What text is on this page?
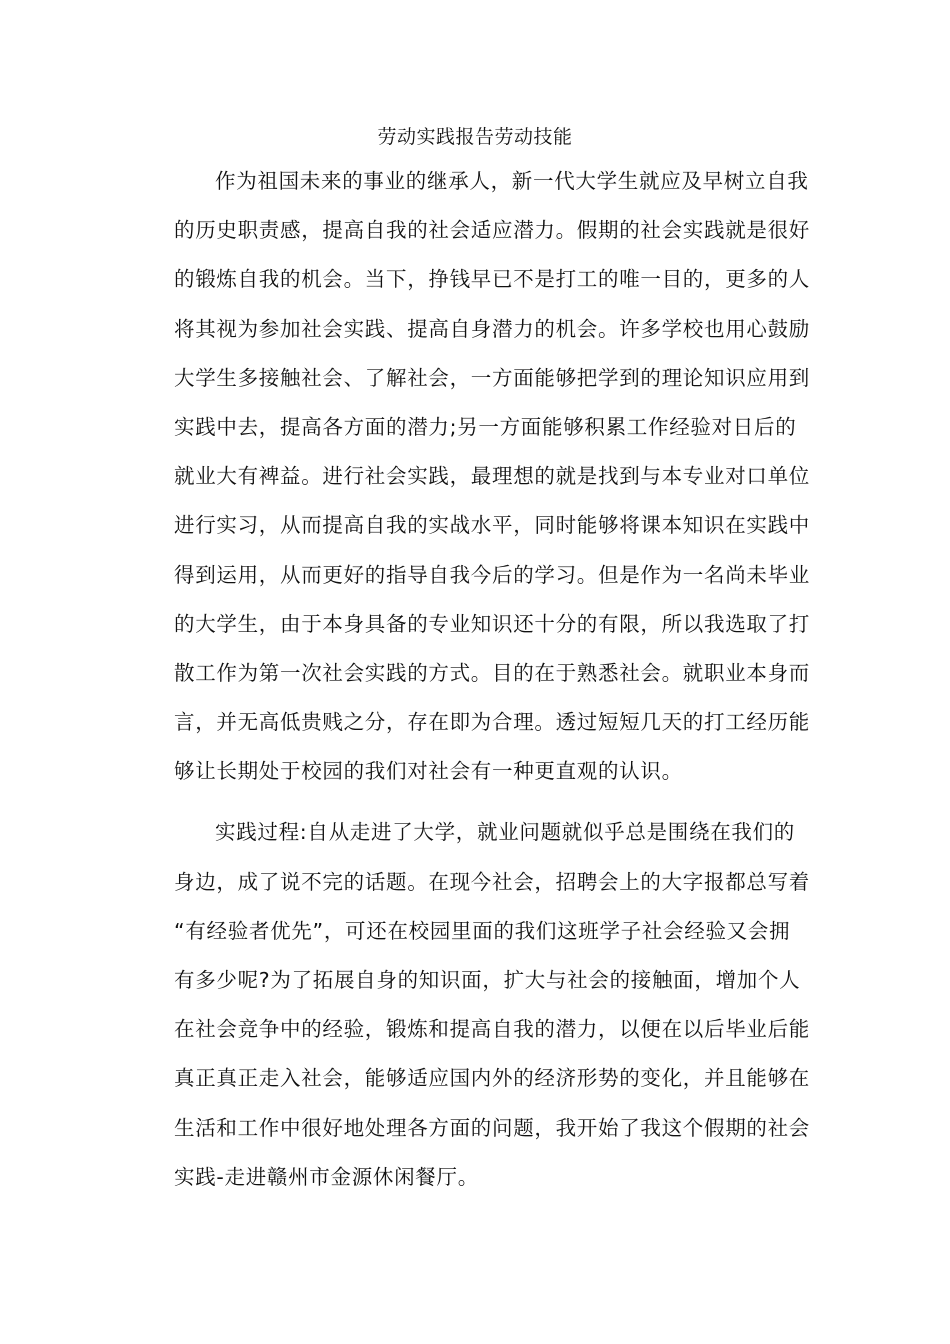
劳动实践报告劳动技能
作为祖国未来的事业的继承人，新一代大学生就应及早树立自我
的历史职责感，提高自我的社会适应潜力。假期的社会实践就是很好
的锻炼自我的机会。当下，挣钱早已不是打工的唯一目的，更多的人
将其视为参加社会实践、提高自身潜力的机会。许多学校也用心鼓励
大学生多接触社会、了解社会，一方面能够把学到的理论知识应用到
实践中去，提高各方面的潜力;另一方面能够积累工作经验对日后的
就业大有裨益。进行社会实践，最理想的就是找到与本专业对口单位
进行实习，从而提高自我的实战水平，同时能够将课本知识在实践中
得到运用，从而更好的指导自我今后的学习。但是作为一名尚未毕业
的大学生，由于本身具备的专业知识还十分的有限，所以我选取了打
散工作为第一次社会实践的方式。目的在于熟悉社会。就职业本身而
言，并无高低贵贱之分，存在即为合理。透过短短几天的打工经历能
够让长期处于校园的我们对社会有一种更直观的认识。
实践过程:自从走进了大学，就业问题就似乎总是围绕在我们的
身边，成了说不完的话题。在现今社会，招聘会上的大字报都总写着
“有经验者优先”，可还在校园里面的我们这班学子社会经验又会拥
有多少呢?为了拓展自身的知识面，扩大与社会的接触面，增加个人
在社会竞争中的经验，锻炼和提高自我的潜力，以便在以后毕业后能
真正真正走入社会，能够适应国内外的经济形势的变化，并且能够在
生活和工作中很好地处理各方面的问题，我开始了我这个假期的社会
实践-走进赣州市金源休闲餐厅。
